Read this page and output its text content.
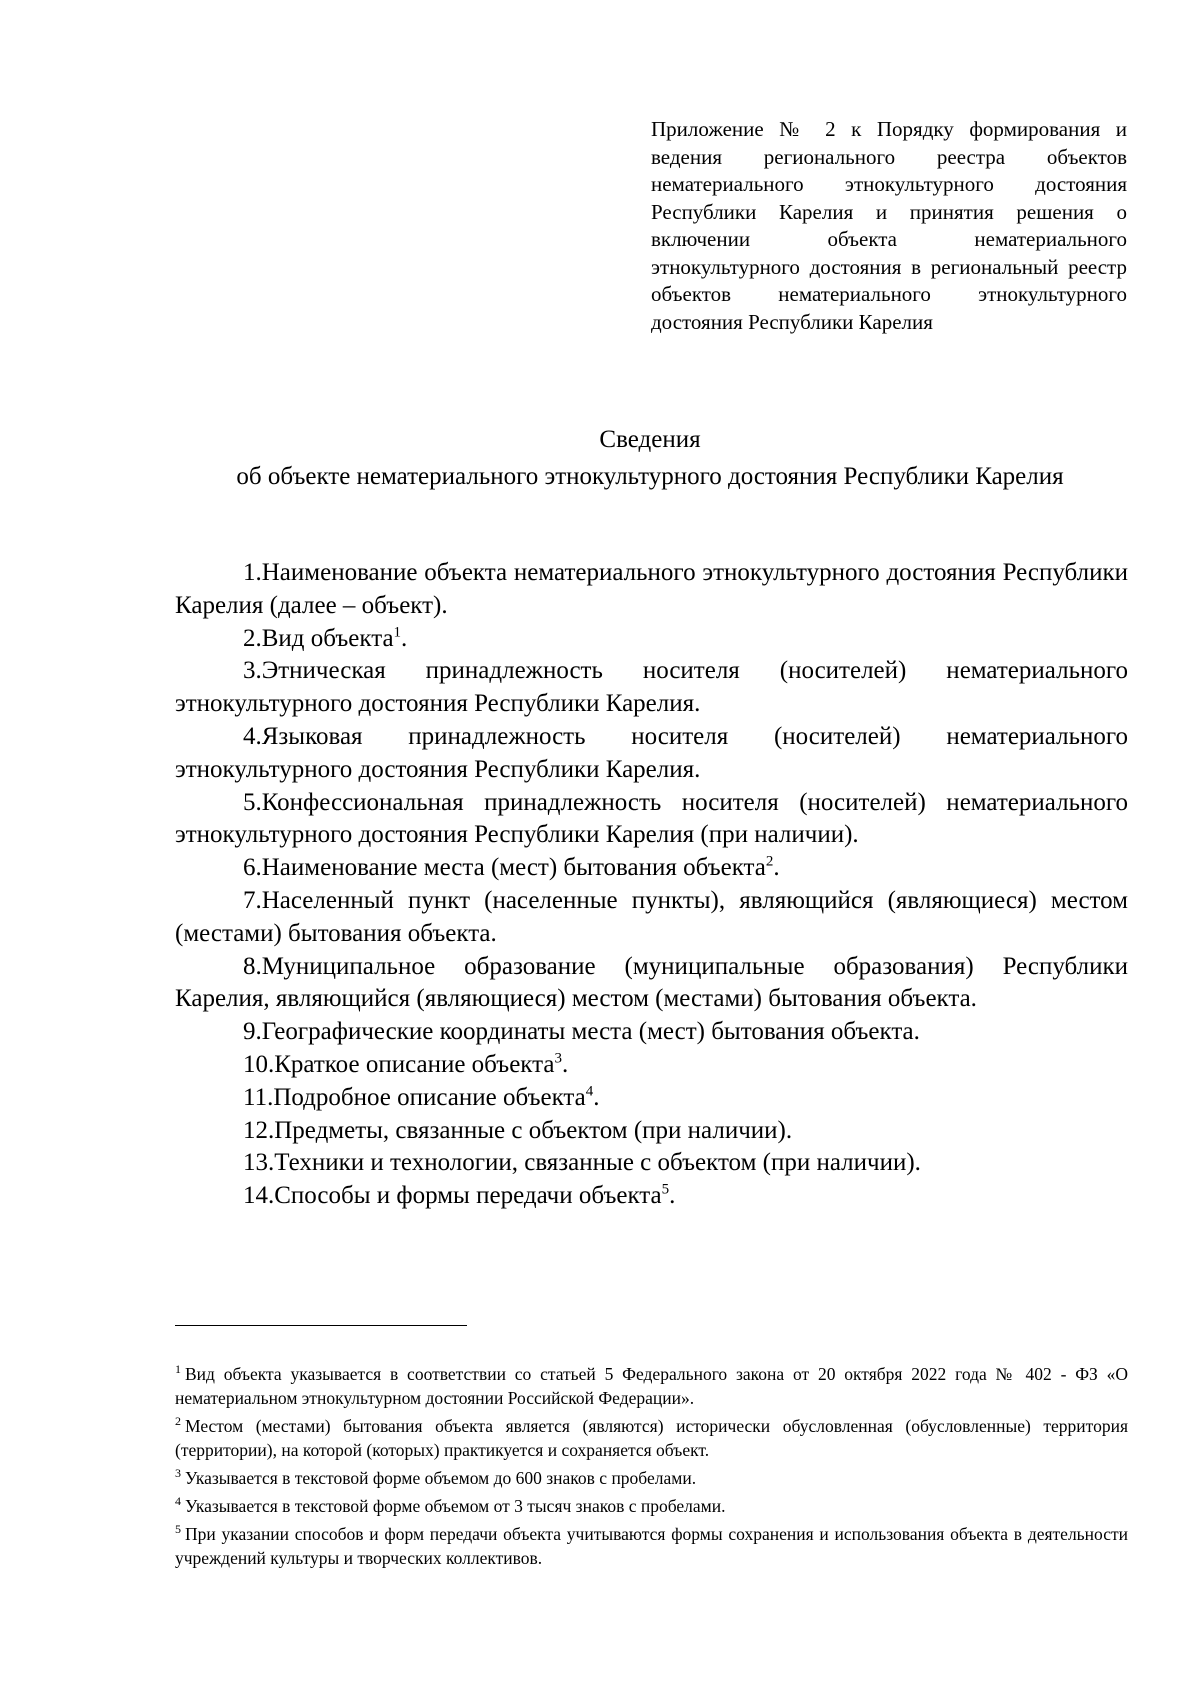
Приложение № 2 к Порядку формирования и ведения регионального реестра объектов нематериального этнокультурного достояния Республики Карелия и принятия решения о включении объекта нематериального этнокультурного достояния в региональный реестр объектов нематериального этнокультурного достояния Республики Карелия
Сведения
об объекте нематериального этнокультурного достояния Республики Карелия
1.Наименование объекта нематериального этнокультурного достояния Республики Карелия (далее – объект).
2.Вид объекта$^1$.
3.Этническая принадлежность носителя (носителей) нематериального этнокультурного достояния Республики Карелия.
4.Языковая принадлежность носителя (носителей) нематериального этнокультурного достояния Республики Карелия.
5.Конфессиональная принадлежность носителя (носителей) нематериального этнокультурного достояния Республики Карелия (при наличии).
6.Наименование места (мест) бытования объекта$^2$.
7.Населенный пункт (населенные пункты), являющийся (являющиеся) местом (местами) бытования объекта.
8.Муниципальное образование (муниципальные образования) Республики Карелия, являющийся (являющиеся) местом (местами) бытования объекта.
9.Географические координаты места (мест) бытования объекта.
10.Краткое описание объекта$^3$.
11.Подробное описание объекта$^4$.
12.Предметы, связанные с объектом (при наличии).
13.Техники и технологии, связанные с объектом (при наличии).
14.Способы и формы передачи объекта$^5$.

$^1$ Вид объекта указывается в соответствии со статьей 5 Федерального закона от 20 октября 2022 года № 402 - ФЗ «О нематериальном этнокультурном достоянии Российской Федерации».

$^2$ Местом (местами) бытования объекта является (являются) исторически обусловленная (обусловленные) территория (территории), на которой (которых) практикуется и сохраняется объект.

$^3$ Указывается в текстовой форме объемом до 600 знаков с пробелами.

$^4$ Указывается в текстовой форме объемом от 3 тысяч знаков с пробелами.

$^5$ При указании способов и форм передачи объекта учитываются формы сохранения и использования объекта в деятельности учреждений культуры и творческих коллективов.
